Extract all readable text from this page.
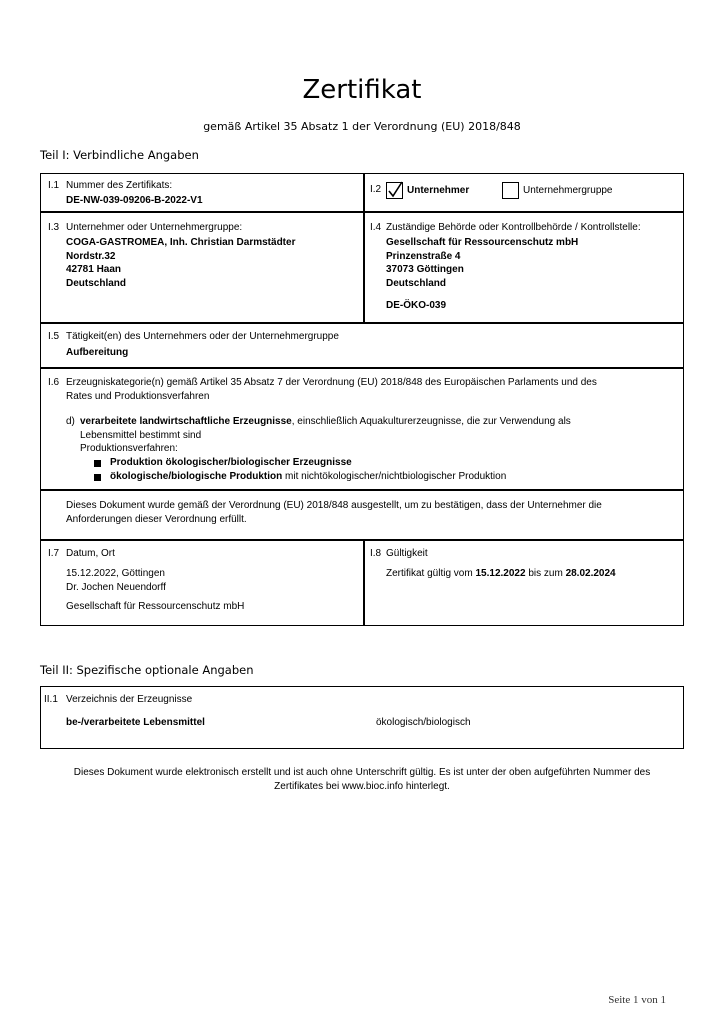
Zertifikat
gemäß Artikel 35 Absatz 1 der Verordnung (EU) 2018/848
Teil I: Verbindliche Angaben
I.1 Nummer des Zertifikats:
DE-NW-039-09206-B-2022-V1
I.2	Unternehmer	Unternehmergruppe
I.3 Unternehmer oder Unternehmergruppe:
COGA-GASTROMEA, Inh. Christian Darmstädter
Nordstr.32
42781 Haan
Deutschland
I.4 Zuständige Behörde oder Kontrollbehörde / Kontrollstelle:
Gesellschaft für Ressourcenschutz mbH
Prinzenstraße 4
37073 Göttingen
Deutschland
DE-ÖKO-039
I.5 Tätigkeit(en) des Unternehmers oder der Unternehmergruppe
Aufbereitung
I.6 Erzeugniskategorie(n) gemäß Artikel 35 Absatz 7 der Verordnung (EU) 2018/848 des Europäischen Parlaments und des
Rates und Produktionsverfahren
d) verarbeitete landwirtschaftliche Erzeugnisse, einschließlich Aquakulturerzeugnisse, die zur Verwendung als
Lebensmittel bestimmt sind
Produktionsverfahren:
Produktion ökologischer/biologischer Erzeugnisse
ökologische/biologische Produktion mit nichtökologischer/nichtbiologischer Produktion
Dieses Dokument wurde gemäß der Verordnung (EU) 2018/848 ausgestellt, um zu bestätigen, dass der Unternehmer die
Anforderungen dieser Verordnung erfüllt.
I.7 Datum, Ort
15.12.2022, Göttingen
Dr. Jochen Neuendorff
Gesellschaft für Ressourcenschutz mbH
I.8 Gültigkeit
Zertifikat gültig vom 15.12.2022 bis zum 28.02.2024
Teil II: Spezifische optionale Angaben
II.1 Verzeichnis der Erzeugnisse
be-/verarbeitete Lebensmittel	ökologisch/biologisch
Dieses Dokument wurde elektronisch erstellt und ist auch ohne Unterschrift gültig. Es ist unter der oben aufgeführten Nummer des
Zertifikates bei www.bioc.info hinterlegt.
Seite 1 von 1
